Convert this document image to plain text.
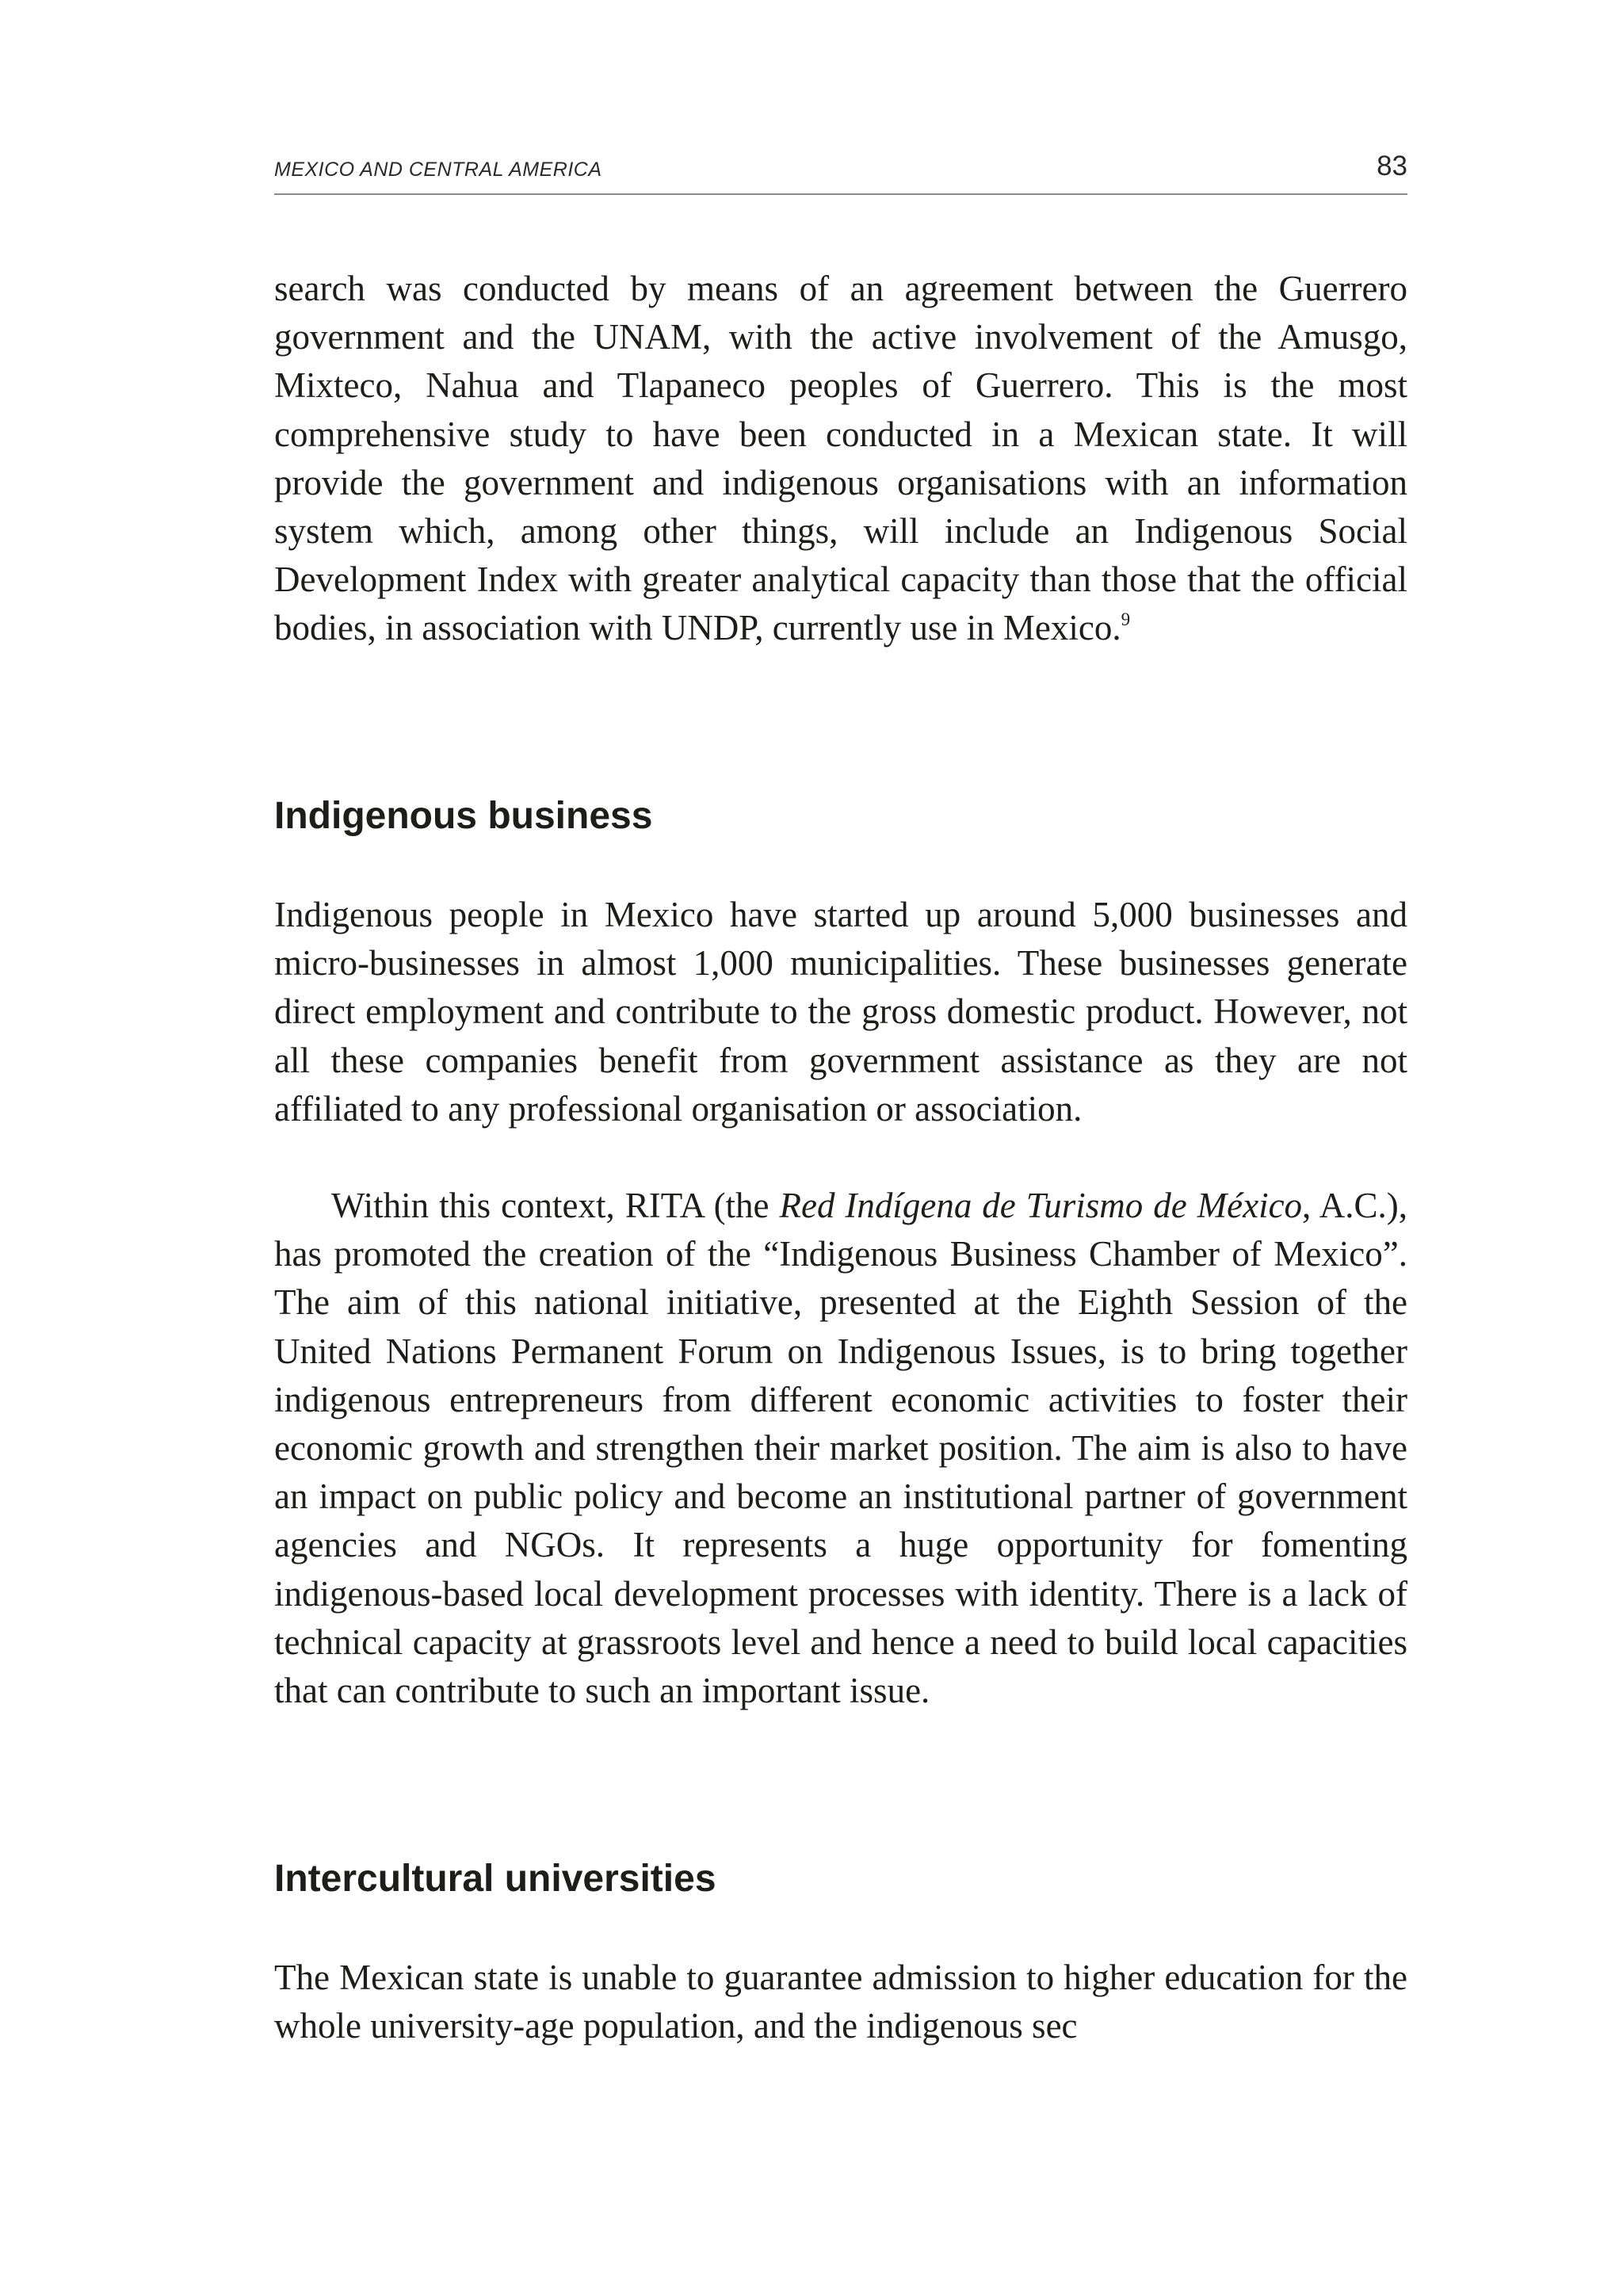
MEXICO AND CENTRAL AMERICA	83

search was conducted by means of an agreement between the Guerrero government and the UNAM, with the active involvement of the Amusgo, Mixteco, Nahua and Tlapaneco peoples of Guerrero. This is the most comprehensive study to have been conducted in a Mexican state. It will provide the government and indigenous organisations with an information system which, among other things, will include an Indigenous Social Development Index with greater analytical capacity than those that the official bodies, in association with UNDP, currently use in Mexico.$^9$

Indigenous business

Indigenous people in Mexico have started up around 5,000 businesses and micro-businesses in almost 1,000 municipalities. These businesses generate direct employment and contribute to the gross domestic product. However, not all these companies benefit from government assistance as they are not affiliated to any professional organisation or association.

Within this context, RITA (the Red Indígena de Turismo de México, A.C.), has promoted the creation of the “Indigenous Business Chamber of Mexico”. The aim of this national initiative, presented at the Eighth Session of the United Nations Permanent Forum on Indigenous Issues, is to bring together indigenous entrepreneurs from different economic activities to foster their economic growth and strengthen their market position. The aim is also to have an impact on public policy and become an institutional partner of government agencies and NGOs. It represents a huge opportunity for fomenting indigenous-based local development processes with identity. There is a lack of technical capacity at grassroots level and hence a need to build local capacities that can contribute to such an important issue.

Intercultural universities

The Mexican state is unable to guarantee admission to higher education for the whole university-age population, and the indigenous sec
